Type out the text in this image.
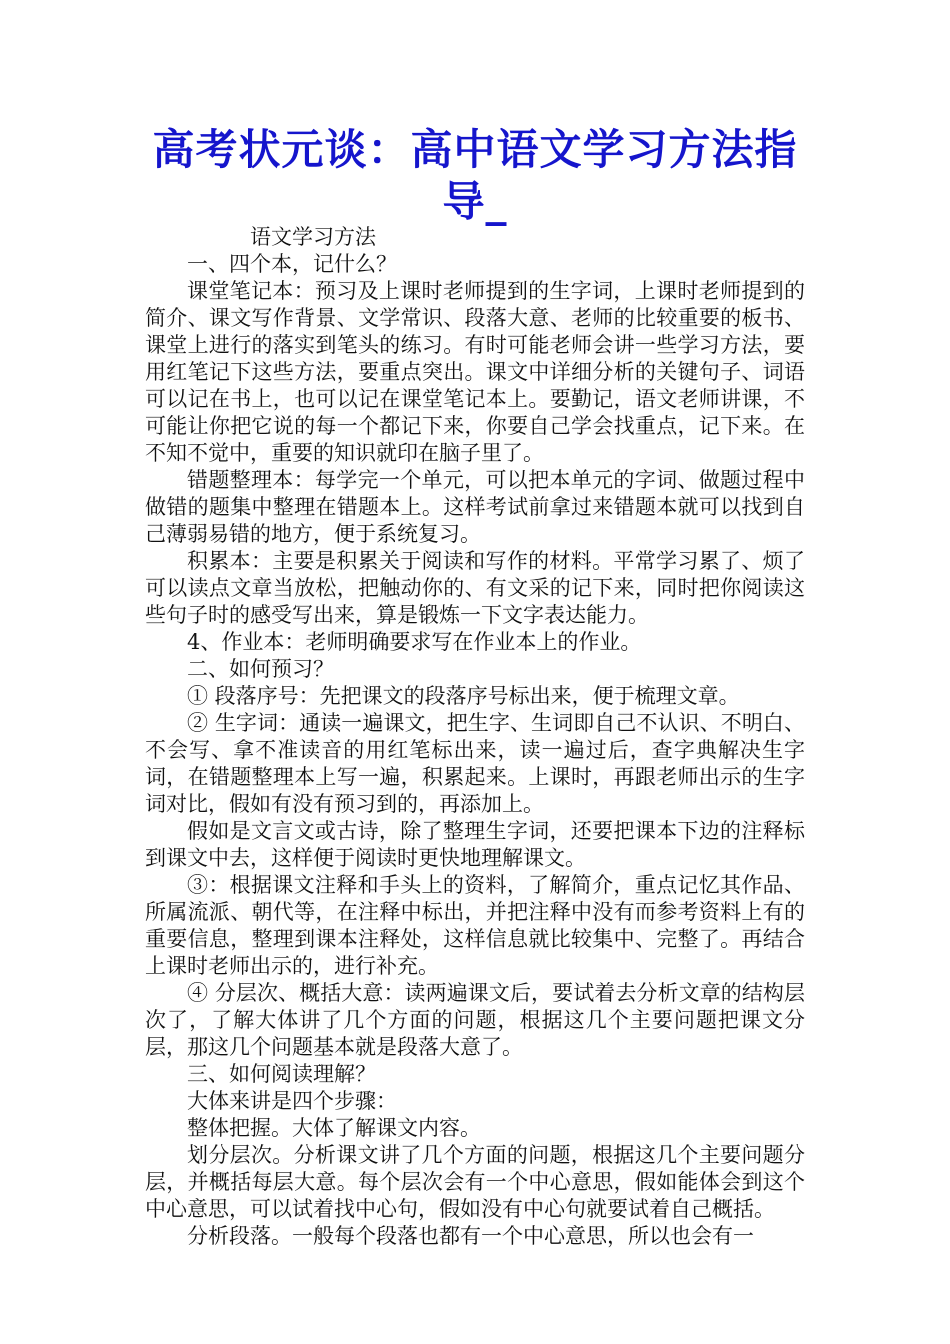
高考状元谈：高中语文学习方法指导_

语文学习方法

一、四个本，记什么？

课堂笔记本：预习及上课时老师提到的生字词，上课时老师提到的简介、课文写作背景、文学常识、段落大意、老师的比较重要的板书、课堂上进行的落实到笔头的练习。有时可能老师会讲一些学习方法，要用红笔记下这些方法，要重点突出。课文中详细分析的关键句子、词语可以记在书上，也可以记在课堂笔记本上。要勤记，语文老师讲课，不可能让你把它说的每一个都记下来，你要自己学会找重点，记下来。在不知不觉中，重要的知识就印在脑子里了。

错题整理本：每学完一个单元，可以把本单元的字词、做题过程中做错的题集中整理在错题本上。这样考试前拿过来错题本就可以找到自己薄弱易错的地方，便于系统复习。

积累本：主要是积累关于阅读和写作的材料。平常学习累了、烦了可以读点文章当放松，把触动你的、有文采的记下来，同时把你阅读这些句子时的感受写出来，算是锻炼一下文字表达能力。

4、作业本：老师明确要求写在作业本上的作业。

二、如何预习？

① 段落序号：先把课文的段落序号标出来，便于梳理文章。

② 生字词：通读一遍课文，把生字、生词即自己不认识、不明白、不会写、拿不准读音的用红笔标出来，读一遍过后，查字典解决生字词，在错题整理本上写一遍，积累起来。上课时，再跟老师出示的生字词对比，假如有没有预习到的，再添加上。

假如是文言文或古诗，除了整理生字词，还要把课本下边的注释标到课文中去，这样便于阅读时更快地理解课文。

③：根据课文注释和手头上的资料，了解简介，重点记忆其作品、所属流派、朝代等，在注释中标出，并把注释中没有而参考资料上有的重要信息，整理到课本注释处，这样信息就比较集中、完整了。再结合上课时老师出示的，进行补充。

④ 分层次、概括大意：读两遍课文后，要试着去分析文章的结构层次了，了解大体讲了几个方面的问题，根据这几个主要问题把课文分层，那这几个问题基本就是段落大意了。

三、如何阅读理解？

大体来讲是四个步骤：

整体把握。大体了解课文内容。

划分层次。分析课文讲了几个方面的问题，根据这几个主要问题分层，并概括每层大意。每个层次会有一个中心意思，假如能体会到这个中心意思，可以试着找中心句，假如没有中心句就要试着自己概括。

分析段落。一般每个段落也都有一个中心意思，所以也会有一
